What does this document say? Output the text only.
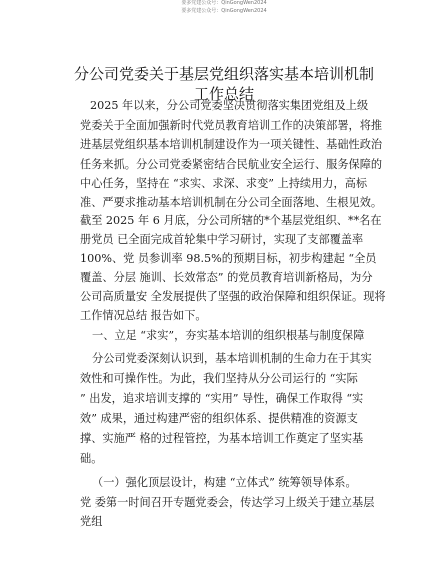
要多党建公众号：QinGongWen2024
要多党建公众号：QinGongWen2024
分公司党委关于基层党组织落实基本培训机制
工作总结
2025 年以来，分公司党委坚决贯彻落实集团党组及上级
党委关于全面加强新时代党员教育培训工作的决策部署，将推
进基层党组织基本培训机制建设作为一项关键性、基础性政治
任务来抓。分公司党委紧密结合民航业安全运行、服务保障的
中心任务，坚持在 “求实、求深、求变” 上持续用力，高标
准、严要求推动基本培训机制在分公司全面落地、生根见效。
截至 2025 年 6 月底，分公司所辖的*个基层党组织、**名在
册党员 已全面完成首轮集中学习研讨，实现了支部覆盖率
100%、党 员参训率 98.5%的预期目标，初步构建起 “全员
覆盖、分层 施训、长效常态” 的党员教育培训新格局，为分
公司高质量安 全发展提供了坚强的政治保障和组织保证。现将
工作情况总结 报告如下。
一、立足 “求实”，夯实基本培训的组织根基与制度保障
分公司党委深刻认识到，基本培训机制的生命力在于其实
效性和可操作性。为此，我们坚持从分公司运行的 “实际
” 出发，追求培训支撑的 “实用” 导性，确保工作取得 “实
效” 成果，通过构建严密的组织体系、提供精准的资源支
撑、实施严 格的过程管控，为基本培训工作奠定了坚实基
础。
（一）强化顶层设计，构建 “立体式” 统筹领导体系。
党 委第一时间召开专题党委会，传达学习上级关于建立基层
党组
